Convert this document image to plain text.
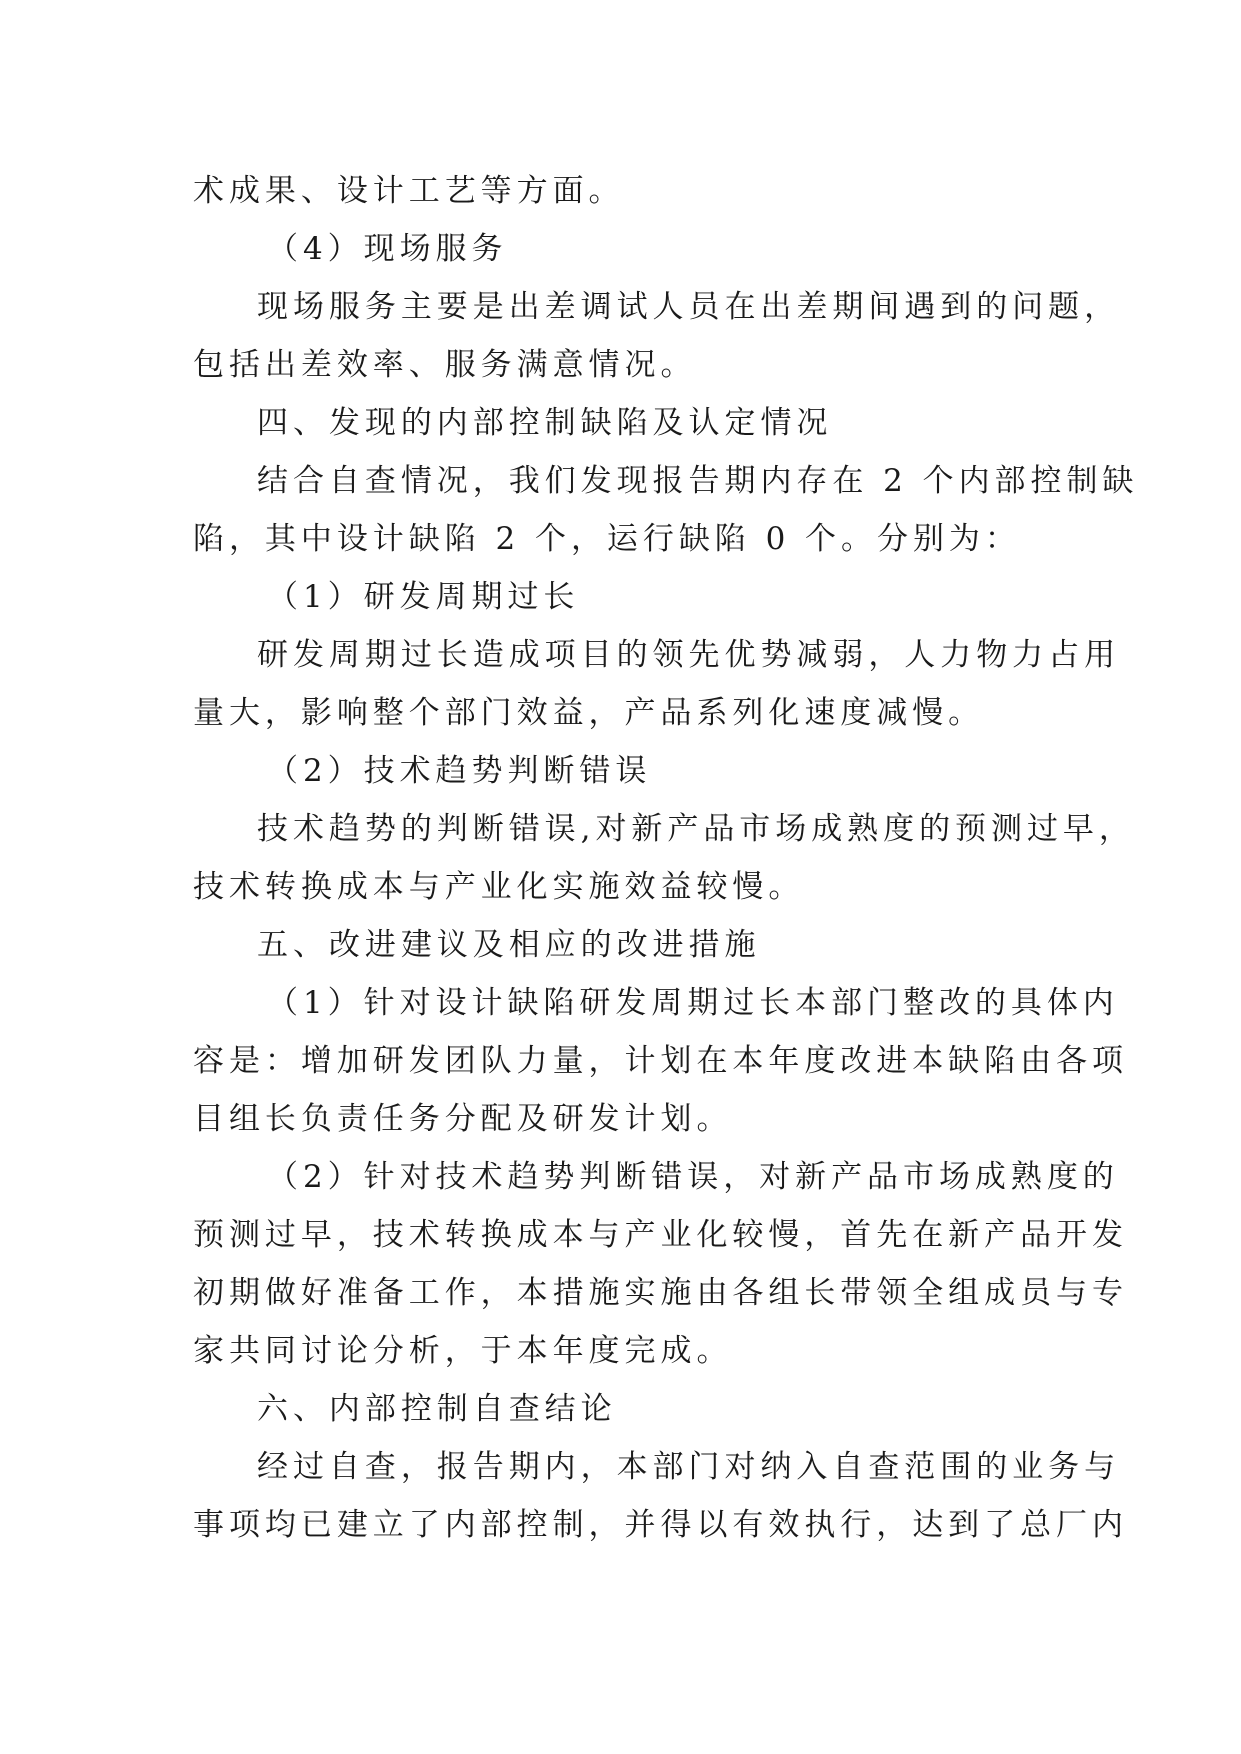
术成果、设计工艺等方面。
（4）现场服务
现场服务主要是出差调试人员在出差期间遇到的问题，
包括出差效率、服务满意情况。
四、发现的内部控制缺陷及认定情况
结合自查情况，我们发现报告期内存在 2 个内部控制缺
陷，其中设计缺陷 2 个，运行缺陷 0 个。分别为：
（1）研发周期过长
研发周期过长造成项目的领先优势减弱，人力物力占用
量大，影响整个部门效益，产品系列化速度减慢。
（2）技术趋势判断错误
技术趋势的判断错误,对新产品市场成熟度的预测过早，
技术转换成本与产业化实施效益较慢。
五、改进建议及相应的改进措施
（1）针对设计缺陷研发周期过长本部门整改的具体内
容是：增加研发团队力量，计划在本年度改进本缺陷由各项
目组长负责任务分配及研发计划。
（2）针对技术趋势判断错误，对新产品市场成熟度的
预测过早，技术转换成本与产业化较慢，首先在新产品开发
初期做好准备工作，本措施实施由各组长带领全组成员与专
家共同讨论分析，于本年度完成。
六、内部控制自查结论
经过自查，报告期内，本部门对纳入自查范围的业务与
事项均已建立了内部控制，并得以有效执行，达到了总厂内
